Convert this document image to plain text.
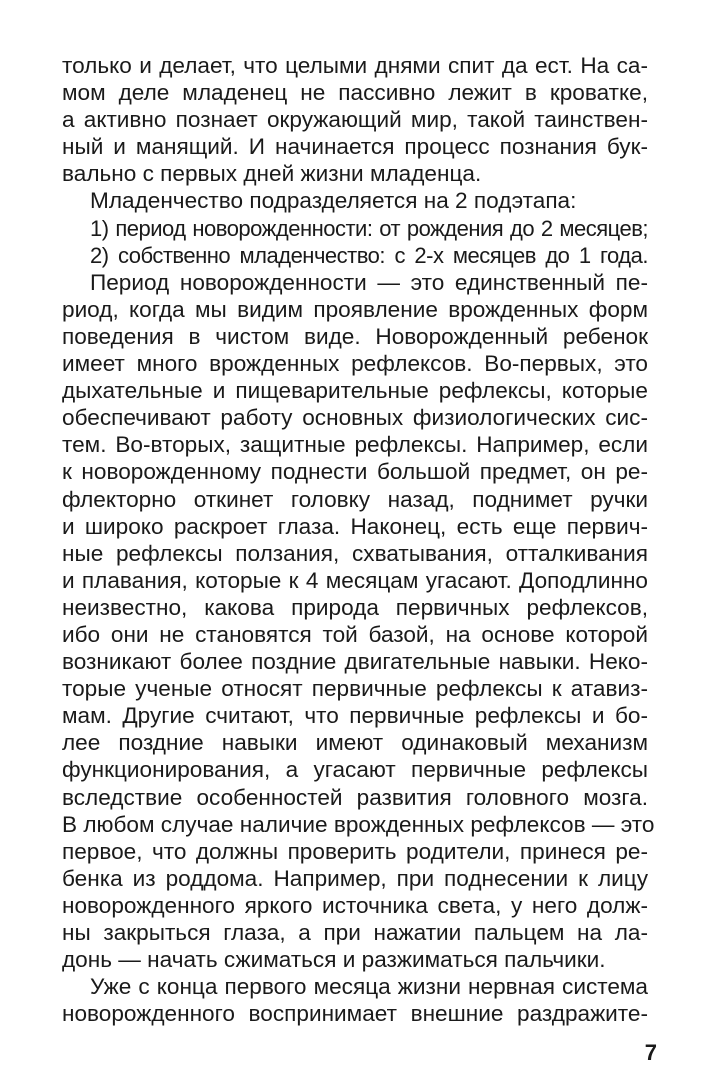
только и делает, что целыми днями спит да ест. На са-
мом деле младенец не пассивно лежит в кроватке,
а активно познает окружающий мир, такой таинствен-
ный и манящий. И начинается процесс познания бук-
вально с первых дней жизни младенца.
Младенчество подразделяется на 2 подэтапа:
1) период новорожденности: от рождения до 2 месяцев;
2) собственно младенчество: с 2-х месяцев до 1 года.
Период новорожденности — это единственный пе-
риод, когда мы видим проявление врожденных форм
поведения в чистом виде. Новорожденный ребенок
имеет много врожденных рефлексов. Во-первых, это
дыхательные и пищеварительные рефлексы, которые
обеспечивают работу основных физиологических сис-
тем. Во-вторых, защитные рефлексы. Например, если
к новорожденному поднести большой предмет, он ре-
флекторно откинет головку назад, поднимет ручки
и широко раскроет глаза. Наконец, есть еще первич-
ные рефлексы ползания, схватывания, отталкивания
и плавания, которые к 4 месяцам угасают. Доподлинно
неизвестно, какова природа первичных рефлексов,
ибо они не становятся той базой, на основе которой
возникают более поздние двигательные навыки. Неко-
торые ученые относят первичные рефлексы к атавиз-
мам. Другие считают, что первичные рефлексы и бо-
лее поздние навыки имеют одинаковый механизм
функционирования, а угасают первичные рефлексы
вследствие особенностей развития головного мозга.
В любом случае наличие врожденных рефлексов — это
первое, что должны проверить родители, принеся ре-
бенка из роддома. Например, при поднесении к лицу
новорожденного яркого источника света, у него долж-
ны закрыться глаза, а при нажатии пальцем на ла-
донь — начать сжиматься и разжиматься пальчики.
Уже с конца первого месяца жизни нервная система
новорожденного воспринимает внешние раздражите-
7
